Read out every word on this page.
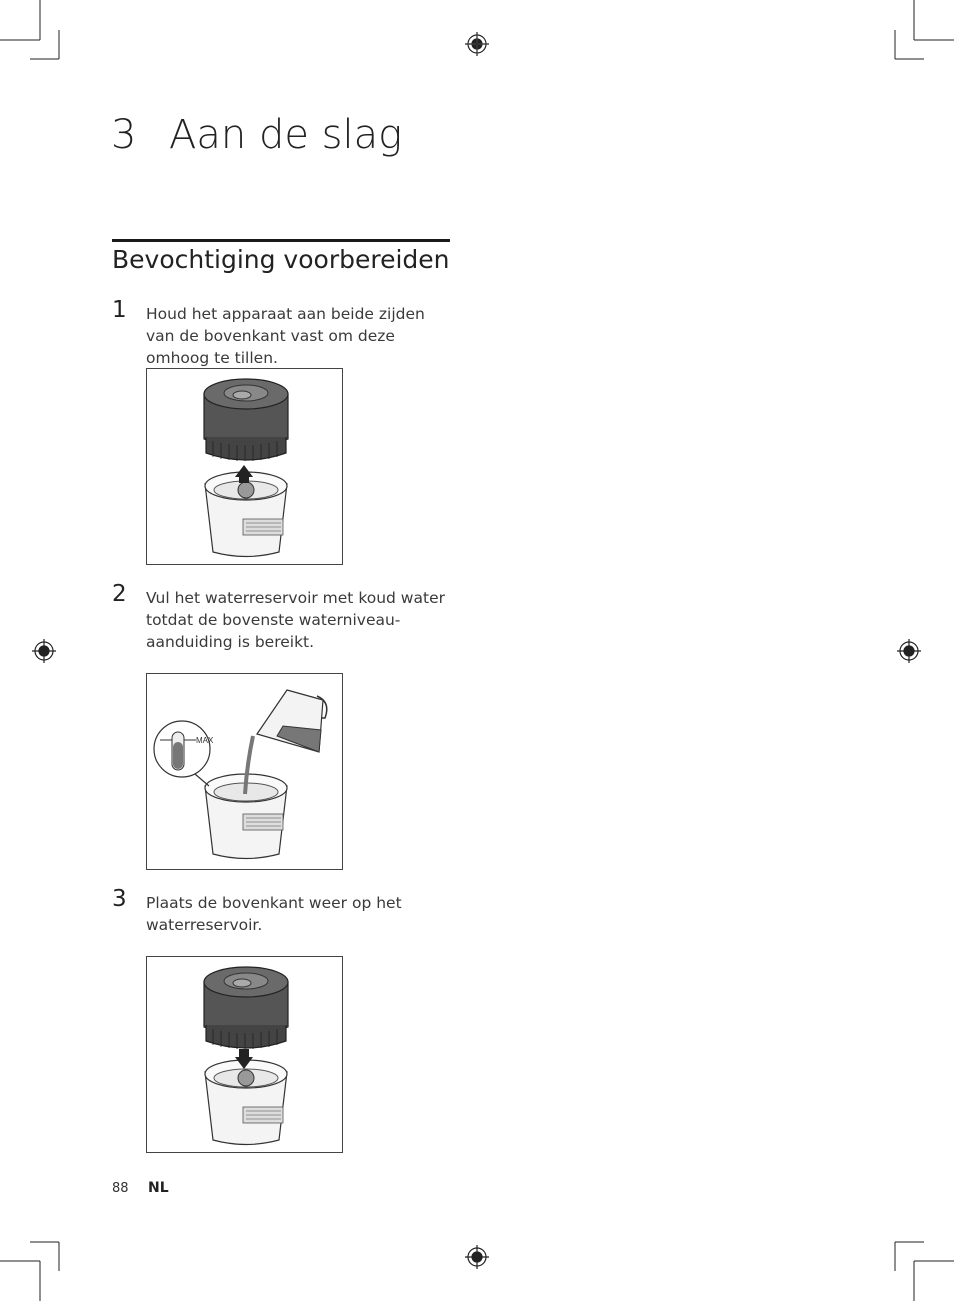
3 Aan de slag
Bevochtiging voorbereiden
1 Houd het apparaat aan beide zijden van de bovenkant vast om deze omhoog te tillen.
2 Vul het waterreservoir met koud water totdat de bovenste waterniveau-aanduiding is bereikt.
MAX
3 Plaats de bovenkant weer op het waterreservoir.
88 NL
